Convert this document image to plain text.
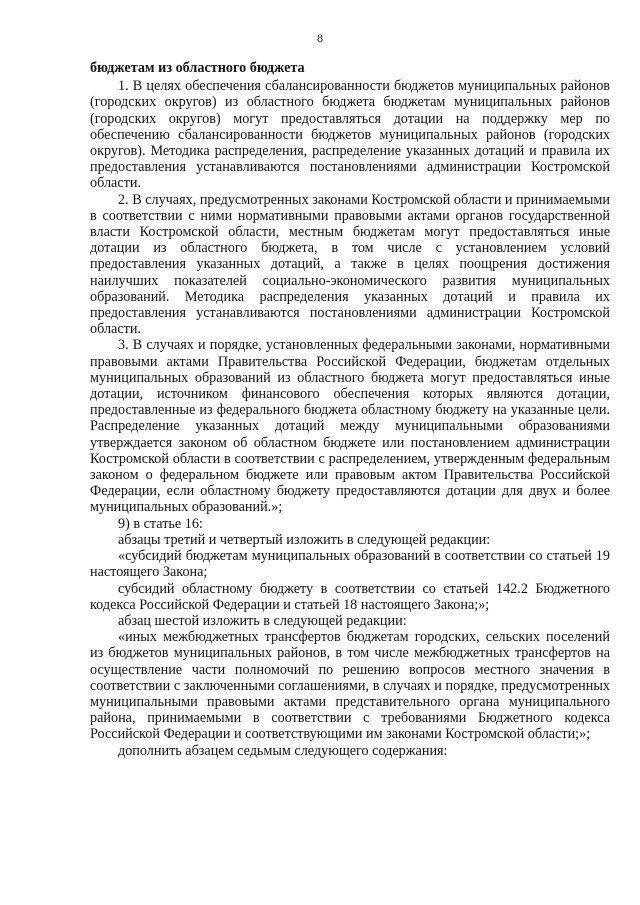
8

бюджетам из областного бюджета

1. В целях обеспечения сбалансированности бюджетов муниципальных районов (городских округов) из областного бюджета бюджетам муниципальных районов (городских округов) могут предоставляться дотации на поддержку мер по обеспечению сбалансированности бюджетов муниципальных районов (городских округов). Методика распределения, распределение указанных дотаций и правила их предоставления устанавливаются постановлениями администрации Костромской области.

2. В случаях, предусмотренных законами Костромской области и принимаемыми в соответствии с ними нормативными правовыми актами органов государственной власти Костромской области, местным бюджетам могут предоставляться иные дотации из областного бюджета, в том числе с установлением условий предоставления указанных дотаций, а также в целях поощрения достижения наилучших показателей социально-экономического развития муниципальных образований. Методика распределения указанных дотаций и правила их предоставления устанавливаются постановлениями администрации Костромской области.

3. В случаях и порядке, установленных федеральными законами, нормативными правовыми актами Правительства Российской Федерации, бюджетам отдельных муниципальных образований из областного бюджета могут предоставляться иные дотации, источником финансового обеспечения которых являются дотации, предоставленные из федерального бюджета областному бюджету на указанные цели. Распределение указанных дотаций между муниципальными образованиями утверждается законом об областном бюджете или постановлением администрации Костромской области в соответствии с распределением, утвержденным федеральным законом о федеральном бюджете или правовым актом Правительства Российской Федерации, если областному бюджету предоставляются дотации для двух и более муниципальных образований.»;

9) в статье 16:

абзацы третий и четвертый изложить в следующей редакции:

«субсидий бюджетам муниципальных образований в соответствии со статьей 19 настоящего Закона;

субсидий областному бюджету в соответствии со статьей 142.2 Бюджетного кодекса Российской Федерации и статьей 18 настоящего Закона;»;

абзац шестой изложить в следующей редакции:

«иных межбюджетных трансфертов бюджетам городских, сельских поселений из бюджетов муниципальных районов, в том числе межбюджетных трансфертов на осуществление части полномочий по решению вопросов местного значения в соответствии с заключенными соглашениями, в случаях и порядке, предусмотренных муниципальными правовыми актами представительного органа муниципального района, принимаемыми в соответствии с требованиями Бюджетного кодекса Российской Федерации и соответствующими им законами Костромской области;»;

дополнить абзацем седьмым следующего содержания:
